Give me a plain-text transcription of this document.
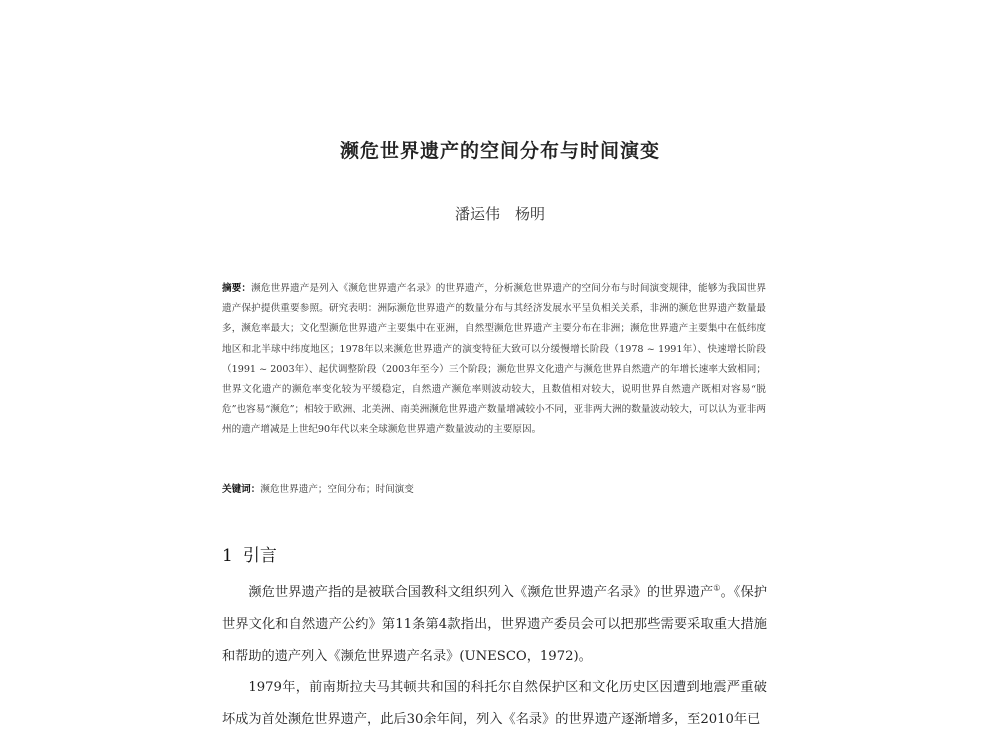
濒危世界遗产的空间分布与时间演变
潘运伟　杨明
摘要：濒危世界遗产是列入《濒危世界遗产名录》的世界遗产，分析濒危世界遗产的空间分布与时间演变规律，能够为我国世界遗产保护提供重要参照。研究表明：洲际濒危世界遗产的数量分布与其经济发展水平呈负相关关系，非洲的濒危世界遗产数量最多，濒危率最大；文化型濒危世界遗产主要集中在亚洲，自然型濒危世界遗产主要分布在非洲；濒危世界遗产主要集中在低纬度地区和北半球中纬度地区；1978年以来濒危世界遗产的演变特征大致可以分缓慢增长阶段（1978 ~ 1991年）、快速增长阶段（1991 ~ 2003年）、起伏调整阶段（2003年至今）三个阶段；濒危世界文化遗产与濒危世界自然遗产的年增长速率大致相同；世界文化遗产的濒危率变化较为平缓稳定，自然遗产濒危率则波动较大，且数值相对较大，说明世界自然遗产既相对容易“脱危”也容易“濒危”；相较于欧洲、北美洲、南美洲濒危世界遗产数量增减较小不同，亚非两大洲的数量波动较大，可以认为亚非两州的遗产增减是上世纪90年代以来全球濒危世界遗产数量波动的主要原因。
关键词：濒危世界遗产；空间分布；时间演变
1 引言

濒危世界遗产指的是被联合国教科文组织列入《濒危世界遗产名录》的世界遗产①。《保护世界文化和自然遗产公约》第11条第4款指出，世界遗产委员会可以把那些需要采取重大措施和帮助的遗产列入《濒危世界遗产名录》(UNESCO，1972)。

1979年，前南斯拉夫马其顿共和国的科托尔自然保护区和文化历史区因遭到地震严重破坏成为首处濒危世界遗产，此后30余年间，列入《名录》的世界遗产逐渐增多，至2010年已
